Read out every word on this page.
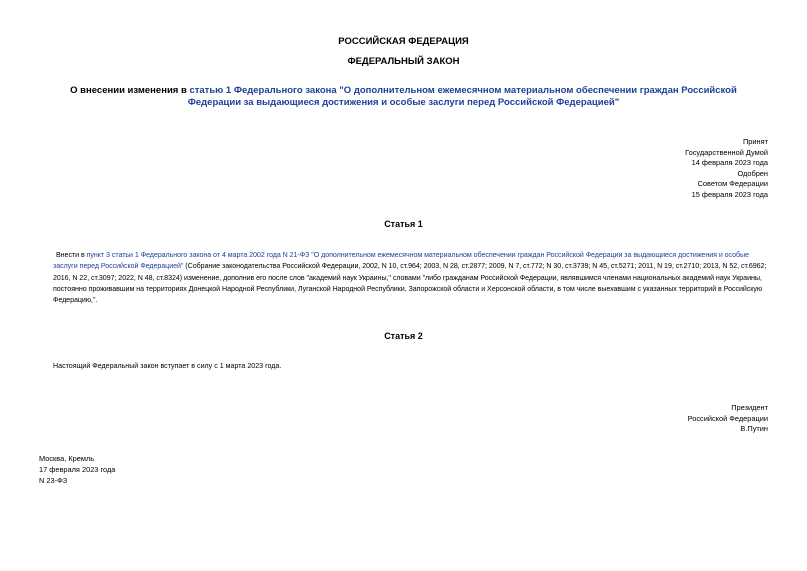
РОССИЙСКАЯ ФЕДЕРАЦИЯ
ФЕДЕРАЛЬНЫЙ ЗАКОН
О внесении изменения в статью 1 Федерального закона "О дополнительном ежемесячном материальном обеспечении граждан Российской Федерации за выдающиеся достижения и особые заслуги перед Российской Федерацией"
Принят
Государственной Думой
14 февраля 2023 года
Одобрен
Советом Федерации
15 февраля 2023 года
Статья 1
Внести в пункт 3 статьи 1 Федерального закона от 4 марта 2002 года N 21-ФЗ "О дополнительном ежемесячном материальном обеспечении граждан Российской Федерации за выдающиеся достижения и особые заслуги перед Российской Федерацией" (Собрание законодательства Российской Федерации, 2002, N 10, ст.964; 2003, N 28, ст.2877; 2009, N 7, ст.772; N 30, ст.3739; N 45, ст.5271; 2011, N 19, ст.2710; 2013, N 52, ст.6962; 2016, N 22, ст.3097; 2022, N 48, ст.8324) изменение, дополнив его после слов "академий наук Украины," словами "либо гражданам Российской Федерации, являвшимся членами национальных академий наук Украины, постоянно проживавшим на территориях Донецкой Народной Республики, Луганской Народной Республики, Запорожской области и Херсонской области, в том числе выехавшим с указанных территорий в Российскую Федерацию,".
Статья 2
Настоящий Федеральный закон вступает в силу с 1 марта 2023 года.
Президент
Российской Федерации
В.Путин
Москва, Кремль
17 февраля 2023 года
N 23-ФЗ
